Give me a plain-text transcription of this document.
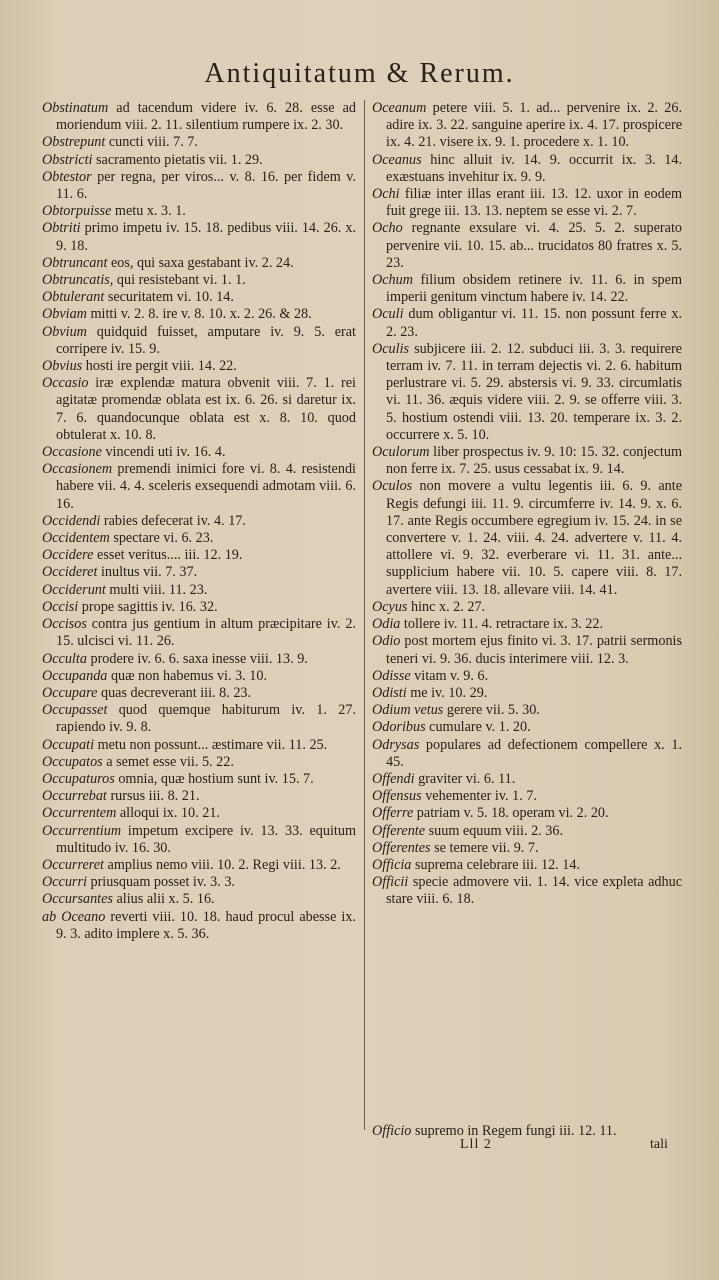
Antiquitatum & Rerum.

Obstinatum ad tacendum videre iv. 6. 28. esse ad moriendum viii. 2. 11. silentium rumpere ix. 2. 30.

Obstrepunt cuncti viii. 7. 7.

Obstricti sacramento pietatis vii. 1. 29.

Obtestor per regna, per viros... v. 8. 16. per fidem v. 11. 6.

Obtorpuisse metu x. 3. 1.

Obtriti primo impetu iv. 15. 18. pedibus viii. 14. 26. x. 9. 18.

Obtruncant eos, qui saxa gestabant iv. 2. 24.

Obtruncatis, qui resistebant vi. 1. 1.

Obtulerant securitatem vi. 10. 14.

Obviam mitti v. 2. 8. ire v. 8. 10. x. 2. 26. & 28.

Obvium quidquid fuisset, amputare iv. 9. 5. erat corripere iv. 15. 9.

Obvius hosti ire pergit viii. 14. 22.

Occasio iræ explendæ matura obvenit viii. 7. 1. rei agitatæ promendæ oblata est ix. 6. 26. si daretur ix. 7. 6. quandocunque oblata est x. 8. 10. quod obtulerat x. 10. 8.

Occasione vincendi uti iv. 16. 4.

Occasionem premendi inimici fore vi. 8. 4. resistendi habere vii. 4. 4. sceleris exsequendi admotam viii. 6. 16.

Occidendi rabies defecerat iv. 4. 17.

Occidentem spectare vi. 6. 23.

Occidere esset veritus.... iii. 12. 19.

Occideret inultus vii. 7. 37.

Occiderunt multi viii. 11. 23.

Occisi prope sagittis iv. 16. 32.

Occisos contra jus gentium in altum præcipitare iv. 2. 15. ulcisci vi. 11. 26.

Occulta prodere iv. 6. 6. saxa inesse viii. 13. 9.

Occupanda quæ non habemus vi. 3. 10.

Occupare quas decreverant iii. 8. 23.

Occupasset quod quemque habiturum iv. 1. 27. rapiendo iv. 9. 8.

Occupati metu non possunt... æstimare vii. 11. 25.

Occupatos a semet esse vii. 5. 22.

Occupaturos omnia, quæ hostium sunt iv. 15. 7.

Occurrebat rursus iii. 8. 21.

Occurrentem alloqui ix. 10. 21.

Occurrentium impetum excipere iv. 13. 33. equitum multitudo iv. 16. 30.

Occurreret amplius nemo viii. 10. 2. Regi viii. 13. 2.

Occurri priusquam posset iv. 3. 3.

Occursantes alius alii x. 5. 16.

ab Oceano reverti viii. 10. 18. haud procul abesse ix. 9. 3. adito implere x. 5. 36.

Oceanum petere viii. 5. 1. ad... pervenire ix. 2. 26. adire ix. 3. 22. sanguine aperire ix. 4. 17. prospicere ix. 4. 21. visere ix. 9. 1. procedere x. 1. 10.

Oceanus hinc alluit iv. 14. 9. occurrit ix. 3. 14. exæstuans invehitur ix. 9. 9.

Ochi filiæ inter illas erant iii. 13. 12. uxor in eodem fuit grege iii. 13. 13. neptem se esse vi. 2. 7.

Ocho regnante exsulare vi. 4. 25. 5. 2. superato pervenire vii. 10. 15. ab... trucidatos 80 fratres x. 5. 23.

Ochum filium obsidem retinere iv. 11. 6. in spem imperii genitum vinctum habere iv. 14. 22.

Oculi dum obligantur vi. 11. 15. non possunt ferre x. 2. 23.

Oculis subjicere iii. 2. 12. subduci iii. 3. 3. requirere terram iv. 7. 11. in terram dejectis vi. 2. 6. habitum perlustrare vi. 5. 29. abstersis vi. 9. 33. circumlatis vi. 11. 36. æquis videre viii. 2. 9. se offerre viii. 3. 5. hostium ostendi viii. 13. 20. temperare ix. 3. 2. occurrere x. 5. 10.

Oculorum liber prospectus iv. 9. 10: 15. 32. conjectum non ferre ix. 7. 25. usus cessabat ix. 9. 14.

Oculos non movere a vultu legentis iii. 6. 9. ante Regis defungi iii. 11. 9. circumferre iv. 14. 9. x. 6. 17. ante Regis occumbere egregium iv. 15. 24. in se convertere v. 1. 24. viii. 4. 24. advertere v. 11. 4. attollere vi. 9. 32. everberare vi. 11. 31. ante... supplicium habere vii. 10. 5. capere viii. 8. 17. avertere viii. 13. 18. allevare viii. 14. 41.

Ocyus hinc x. 2. 27.

Odia tollere iv. 11. 4. retractare ix. 3. 22.

Odio post mortem ejus finito vi. 3. 17. patrii sermonis teneri vi. 9. 36. ducis interimere viii. 12. 3.

Odisse vitam v. 9. 6.

Odisti me iv. 10. 29.

Odium vetus gerere vii. 5. 30.

Odoribus cumulare v. 1. 20.

Odrysas populares ad defectionem compellere x. 1. 45.

Offendi graviter vi. 6. 11.

Offensus vehementer iv. 1. 7.

Offerre patriam v. 5. 18. operam vi. 2. 20.

Offerente suum equum viii. 2. 36.

Offerentes se temere vii. 9. 7.

Officia suprema celebrare iii. 12. 14.

Officii specie admovere vii. 1. 14. vice expleta adhuc stare viii. 6. 18.

Officio supremo in Regem fungi iii. 12. 11.
Lll 2	tali
